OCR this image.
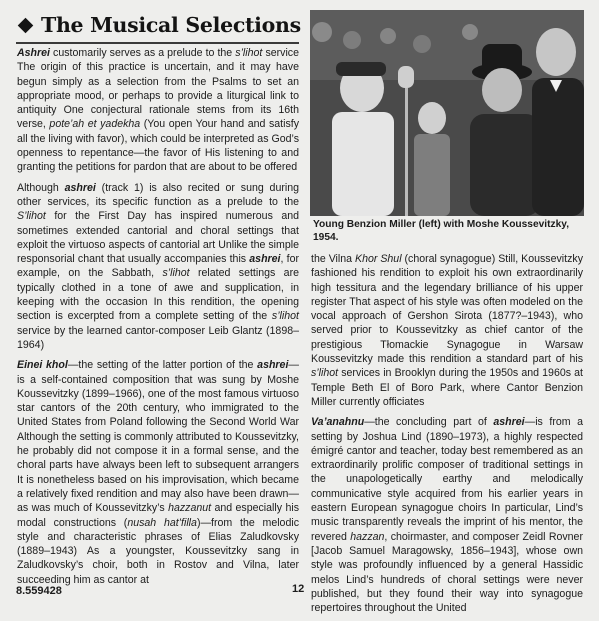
The Musical Selections

Ashrei customarily serves as a prelude to the s’lihot service The origin of this practice is uncertain, and it may have begun simply as a selection from the Psalms to set an appropriate mood, or perhaps to provide a liturgical link to antiquity One conjectural rationale stems from its 16th verse, pote’ah et yadekha (You open Your hand and satisfy all the living with favor), which could be interpreted as God’s openness to repentance—the favor of His listening to and granting the petitions for pardon that are about to be offered

Although ashrei (track 1) is also recited or sung during other services, its specific function as a prelude to the S’lihot for the First Day has inspired numerous and sometimes extended cantorial and choral settings that exploit the virtuoso aspects of cantorial art Unlike the simple responsorial chant that usually accompanies this ashrei, for example, on the Sabbath, s’lihot related settings are typically clothed in a tone of awe and supplication, in keeping with the occasion In this rendition, the opening section is excerpted from a complete setting of the s’lihot service by the learned cantor-composer Leib Glantz (1898–1964)

Einei khol—the setting of the latter portion of the ashrei—is a self-contained composition that was sung by Moshe Koussevitzky (1899–1966), one of the most famous virtuoso star cantors of the 20th century, who immigrated to the United States from Poland following the Second World War Although the setting is commonly attributed to Koussevitzky, he probably did not compose it in a formal sense, and the choral parts have always been left to subsequent arrangers It is nonetheless based on his improvisation, which became a relatively fixed rendition and may also have been drawn—as was much of Koussevitzky’s hazzanut and especially his modal constructions (nusah hat’filla)—from the melodic style and characteristic phrases of Elias Zaludkovsky (1889–1943) As a youngster, Koussevitzky sang in Zaludkovsky’s choir, both in Rostov and Vilna, later succeeding him as cantor at

Young Benzion Miller (left) with Moshe Koussevitzky, 1954.

the Vilna Khor Shul (choral synagogue) Still, Koussevitzky fashioned his rendition to exploit his own extraordinarily high tessitura and the legendary brilliance of his upper register That aspect of his style was often modeled on the vocal approach of Gershon Sirota (1877?–1943), who served prior to Koussevitzky as chief cantor of the prestigious Tłomackie Synagogue in Warsaw Koussevitzky made this rendition a standard part of his s’lihot services in Brooklyn during the 1950s and 1960s at Temple Beth El of Boro Park, where Cantor Benzion Miller currently officiates

Va’anahnu—the concluding part of ashrei—is from a setting by Joshua Lind (1890–1973), a highly respected émigré cantor and teacher, today best remembered as an extraordinarily prolific composer of traditional settings in the unapologetically earthy and melodically communicative style acquired from his earlier years in eastern European synagogue choirs In particular, Lind’s music transparently reveals the imprint of his mentor, the revered hazzan, choirmaster, and composer Zeidl Rovner [Jacob Samuel Maragowsky, 1856–1943], whose own style was profoundly influenced by a general Hassidic melos Lind’s hundreds of choral settings were never published, but they found their way into synagogue repertoires throughout the United

8.559428	12
